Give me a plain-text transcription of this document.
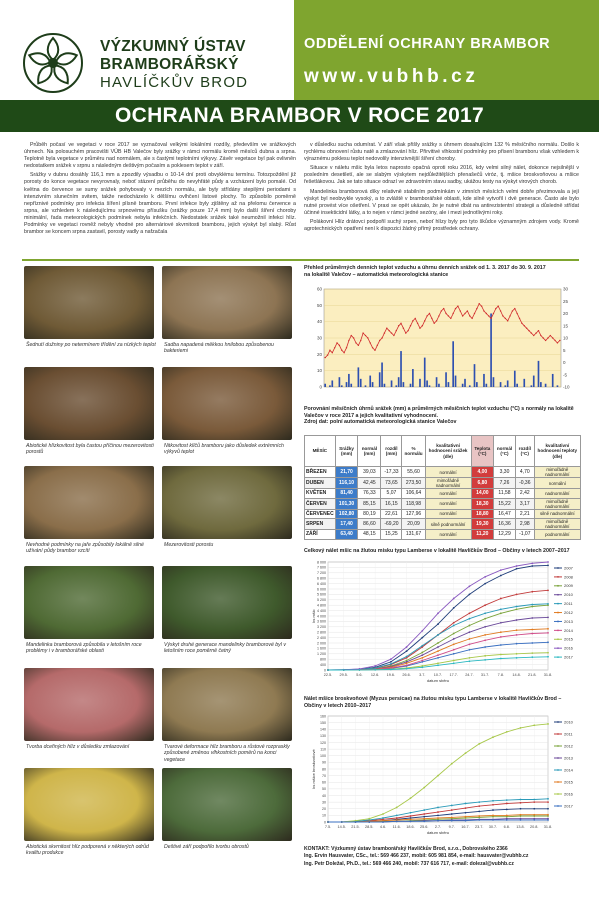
VÝZKUMNÝ ÚSTAV
BRAMBORÁŘSKÝ
HAVLÍČKŮV BROD
ODDĚLENÍ OCHRANY BRAMBOR
www.vubhb.cz
OCHRANA BRAMBOR V ROCE 2017

Průběh počasí ve vegetaci v roce 2017 se vyznačoval velkými lokálními rozdíly, především ve srážkových úhrnech. Na polosuchém pracovišti VÚB HB Valečov byly srážky v rámci normálu kromě měsíců dubna a srpna. Teplotně byla vegetace v průměru nad normálem, ale s častými teplotními výkyvy. Závěr vegetace byl pak ovlivněn nedostatkem srážek v srpnu s následným deštivým počasím a poklesem teplot v září.

Srážky v dubnu dosáhly 116,1 mm a zpozdily výsadbu o 10-14 dní proti obvyklému termínu. Totozpoždění již porosty do konce vegetace nevyrovnaly, neboť stázení průběhu do nevyhřáté půdy a vzcházení bylo pomalé. Od května do července se sumy srážek pohybovaly v mezích normálu, ale byly střídány stepilými periodami s intenzivním slunečním svitem, takže nedocházelo k dělšímu ovlhčení listové plochy. To způsobilo poměrně nepříznivé podmínky pro infekcia šíření plísně bramboru. První infekce byly zjištěny až na přelomu července a srpna, ale vzhledem k následujícímu srpnovému přísušku (srážky pouze 17,4 mm) bylo další šíření choroby minimální, řada meteorologických podmínek nebyla infekčních. Nedostatek srážek také neumožnil infekci hlíz. Podmínky ve vegetaci rovněž nebyly vhodné pro alternáriové skvrnitosti bramboru, jejich výskyt byl slabý. Růst brambor se koncem srpna zastavil, porosty vadly a nafzačala

v důsledku sucha odumírat. V září však přišly srážky s úhrnem dosahujícím 132 % měsíčního normálu. Došlo k rychlému obnovení růstu natě a zmlazování hlíz. Přirvitivé vlhkostní podmínky pro přisení bramboru však vzhledem k výraznému poklesu teplot nedovolily intenzivnější šíření choroby.

Situace v náletu mšic byla letos naprosto opačná oproti roku 2016, kdy velmi silný nálet, dokonce nejsilnější v posledním desetiletí, ale se slabým výskytem nejdůležitějších přenašečů viróz, tj. mšice broskvoňovou a mšice řešetlákovou. Jak se tato situace odrazí ve zdravotním stavu sadby, ukážou testy na výskyt virových chorob.

Mandelinka bramborová díky relativně stabilním podmínkám v zimních měsících velmi dobře přezimovala a její výskyt byl neobvykle vysoký, a to zvláště v bramborářské oblasti, kde silně vytvořil i dvě generace. Často ale bylo nutné provést více ošetření. V praxi se opět ukázalo, že je nutné dbát na antirezistentní strategii a důsledně střídat účinné insekticidní látky, a to nejen v rámci jedné sezóny, ale i mezi jednotlivými roky.

Polákovní Hlíz drátovci podpořil suchý srpen, neboť hlízy byly pro tyto škůdce významným zdrojem vody. Kromě agrotechnických opatření není k dispozici žádný přímý prostředek ochrany.

Šednutí dužniny po netermínem třídění za nízkých teplot	Sadba napadená měkkou hnilobou způsobenou bakteriemi
Abiotické hlízkovitost byla častou příčinou mezerovitosti porostů
Nitkovitost klíčů bramboru jako důsledek extrémních výkyvů teplot
Nevhodné podmínky na jaře způsobily lokálně silné užívání půdy brambor vzcítí
Mezerovitosti porostu
Mandelinka bramborová způsobila v letošním roce problémy i v bramborářské oblasti
Výskyt druhé generace mandelinky bramborové byl v letošním roce poměrně četný
Tvorba dceřiných hlíz v důsledku zmlazování	Tvarové deformace hlíz bramboru a růstové rozpraskly způsobené změnou vlhkostních poměrů na konci vegetace
Abiotická skvrnitost hlíz podporená v některých odrůd kvalitu produkce
Deštivé září podpořilo tvorbu obrostů
Přehled průměrných denních teplot vzduchu a úhrnu denních srážek od 1. 3. 2017 do 30. 9. 2017
na lokalitě Valečov – automatická meteorologická stanice
0
10
20
30
40
50
60
-10
-5
0
5
10
15
20
25
30
Porovnání měsíčních úhrnů srážek (mm) a průměrných měsíčních teplot vzduchu (°C) s normály na lokalitě Valečov v roce 2017 a jejich kvalitativní vyhodnocení.
Zdroj dat: polní automatická meteorologická stanice Valečov
MĚSÍC	Srážky (mm)	normál (mm)	rozdíl (mm)	% normálu	kvalitativní hodnocení srážek (dle)	Teplota (°C)	normál (°C)	rozdíl (°C)	kvalitativní hodnocení teploty (dle)
BŘEZEN	21,70	39,03	-17,33	55,60	normální	4,00	3,30	4,70	mimořádně nadnormální
DUBEN	116,10	42,45	73,65	273,50	mimořádně nadnormální	6,80	7,26	-0,36	normální
KVĚTEN	81,40	76,33	5,07	106,64	normální	14,00	11,58	2,42	nadnormální
ČERVEN	101,30	85,15	16,15	118,98	normální	18,30	15,22	3,17	mimořádně nadnormální
ČERVENEC	102,80	80,19	22,61	127,96	normální	18,80	16,47	2,21	silně nadnormální
SRPEN	17,40	86,60	-69,20	20,09	silně podnormální	19,30	16,36	2,98	mimořádně nadnormální
ZÁŘÍ	63,40	48,15	15,25	131,67	normální	11,20	12,29	-1,07	podnormální
Celkový nálet mšic na žlutou misku typu Lamberse v lokalitě Havlíčkův Brod – Občiny v letech 2007–2017
0
400
800
1 200
1 600
2 000
2 400
2 800
3 200
3 600
4 000
4 400
4 800
5 200
5 600
6 000
6 400
6 800
7 200
7 600
8 000
22.5. 29.5. 5.6. 12.6. 19.6. 26.6. 3.7. 10.7. 17.7. 24.7. 31.7. 7.8. 14.8. 21.8. 31.8.
datum sběru
ks mšic
2007
2008
2009
2010
2011
2012
2013
2014
2015
2016
2017
Nálet mšice broskvoňové (Myzus persicae) na žlutou misku typu Lamberse v lokalitě Havlíčkův Brod – Občiny v letech 2010–2017
0
10
20
30
40
50
60
70
80
90
100
110
120
130
140
150
160
7.5. 14.5. 21.5. 28.5. 4.6. 11.6. 18.6. 25.6. 2.7. 9.7. 16.7. 23.7. 30.7. 6.8. 13.8. 20.8. 31.8.
datum sběru
ks mšice broskvoňové
2010
2011
2012
2013
2014
2015
2016
2017
KONTAKT: Výzkumný ústav bramborářský Havlíčkův Brod, s.r.o., Dobrovského 2366
Ing. Ervín Hausvater, CSc., tel.: 569 466 237, mobil: 605 981 854, e-mail: hausvater@vubhb.cz
Ing. Petr Doležal, Ph.D., tel.: 569 466 240, mobil: 737 616 717, e-mail: dolezal@vubhb.cz
